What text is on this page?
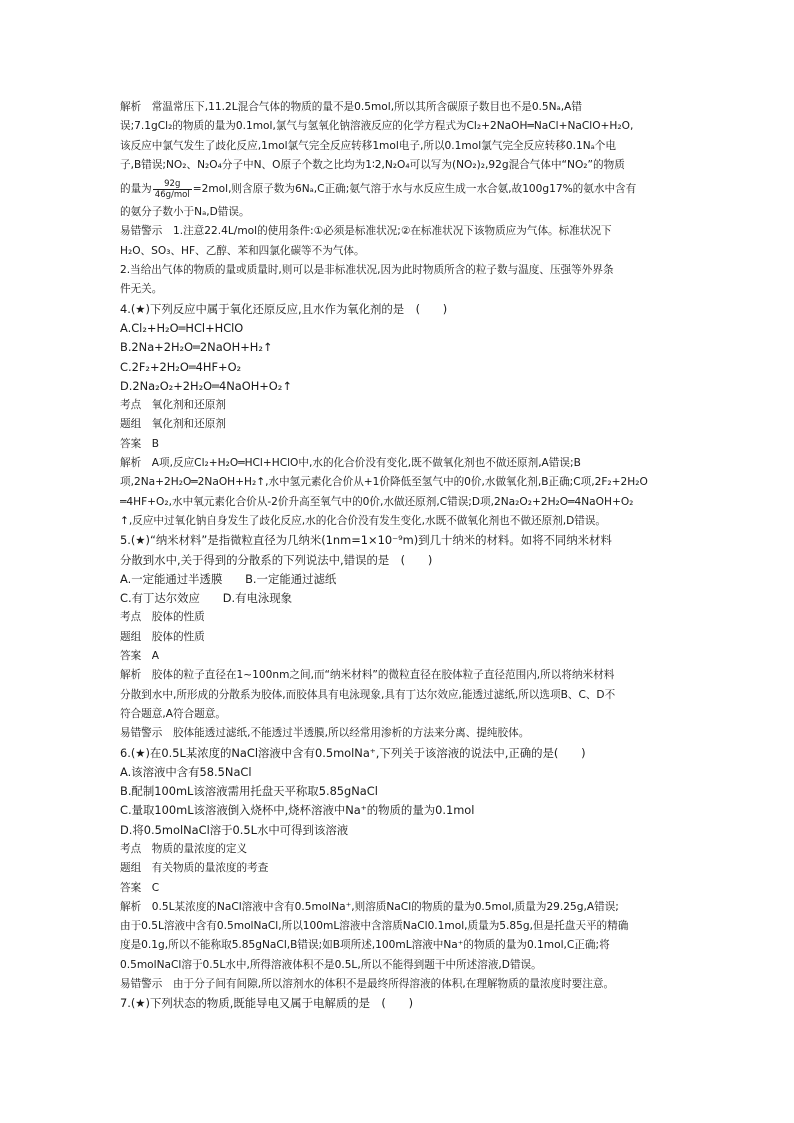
解析　常温常压下,11.2L混合气体的物质的量不是0.5mol,所以其所含碳原子数目也不是0.5Nₐ,A错
误;7.1gCl₂的物质的量为0.1mol,氯气与氢氧化钠溶液反应的化学方程式为Cl₂+2NaOH═NaCl+NaClO+H₂O,
该反应中氯气发生了歧化反应,1mol氯气完全反应转移1mol电子,所以0.1mol氯气完全反应转移0.1Nₐ个电
子,B错误;NO₂、N₂O₄分子中N、O原子个数之比均为1∶2,N₂O₄可以写为(NO₂)₂,92g混合气体中“NO₂”的物质
的量为 $\frac{92g}{\text{46g/mol}} =2mol$,则含原子数为6Nₐ,C正确;氨气溶于水与水反应生成一水合氨,故100g17%的氨水中含有
的氨分子数小于Nₐ,D错误。
易错警示　1.注意22.4L/mol的使用条件:①必须是标准状况;②在标准状况下该物质应为气体。标准状况下
H₂O、SO₃、HF、乙醇、苯和四氯化碳等不为气体。
2.当给出气体的物质的量或质量时,则可以是非标准状况,因为此时物质所含的粒子数与温度、压强等外界条
件无关。
4.(★)下列反应中属于氧化还原反应,且水作为氧化剂的是　(　　)
A.Cl₂+H₂O═HCl+HClO
B.2Na+2H₂O═2NaOH+H₂↑
C.2F₂+2H₂O═4HF+O₂
D.2Na₂O₂+2H₂O═4NaOH+O₂↑
考点　氧化剂和还原剂
题组　氧化剂和还原剂
答案　B
解析　A项,反应Cl₂+H₂O═HCl+HClO中,水的化合价没有变化,既不做氧化剂也不做还原剂,A错误;B
项,2Na+2H₂O═2NaOH+H₂↑,水中氢元素化合价从+1价降低至氢气中的0价,水做氧化剂,B正确;C项,2F₂+2H₂O
═4HF+O₂,水中氧元素化合价从-2价升高至氧气中的0价,水做还原剂,C错误;D项,2Na₂O₂+2H₂O═4NaOH+O₂
↑,反应中过氧化钠自身发生了歧化反应,水的化合价没有发生变化,水既不做氧化剂也不做还原剂,D错误。
5.(★)“纳米材料”是指微粒直径为几纳米(1nm=1×10⁻⁹m)到几十纳米的材料。如将不同纳米材料
分散到水中,关于得到的分散系的下列说法中,错误的是　(　　)
A.一定能通过半透膜　　B.一定能通过滤纸
C.有丁达尔效应　　D.有电泳现象
考点　胶体的性质
题组　胶体的性质
答案　A
解析　胶体的粒子直径在1~100nm之间,而“纳米材料”的微粒直径在胶体粒子直径范围内,所以将纳米材料
分散到水中,所形成的分散系为胶体,而胶体具有电泳现象,具有丁达尔效应,能透过滤纸,所以选项B、C、D不
符合题意,A符合题意。
易错警示　胶体能透过滤纸,不能透过半透膜,所以经常用渗析的方法来分离、提纯胶体。
6.(★)在0.5L某浓度的NaCl溶液中含有0.5molNa⁺,下列关于该溶液的说法中,正确的是(　　)
A.该溶液中含有58.5NaCl
B.配制100mL该溶液需用托盘天平称取5.85gNaCl
C.量取100mL该溶液倒入烧杯中,烧杯溶液中Na⁺的物质的量为0.1mol
D.将0.5molNaCl溶于0.5L水中可得到该溶液
考点　物质的量浓度的定义
题组　有关物质的量浓度的考查
答案　C
解析　0.5L某浓度的NaCl溶液中含有0.5molNa⁺,则溶质NaCl的物质的量为0.5mol,质量为29.25g,A错误;
由于0.5L溶液中含有0.5molNaCl,所以100mL溶液中含溶质NaCl0.1mol,质量为5.85g,但是托盘天平的精确
度是0.1g,所以不能称取5.85gNaCl,B错误;如B项所述,100mL溶液中Na⁺的物质的量为0.1mol,C正确;将
0.5molNaCl溶于0.5L水中,所得溶液体积不是0.5L,所以不能得到题干中所述溶液,D错误。
易错警示　由于分子间有间隙,所以溶剂水的体积不是最终所得溶液的体积,在理解物质的量浓度时要注意。
7.(★)下列状态的物质,既能导电又属于电解质的是　(　　)
